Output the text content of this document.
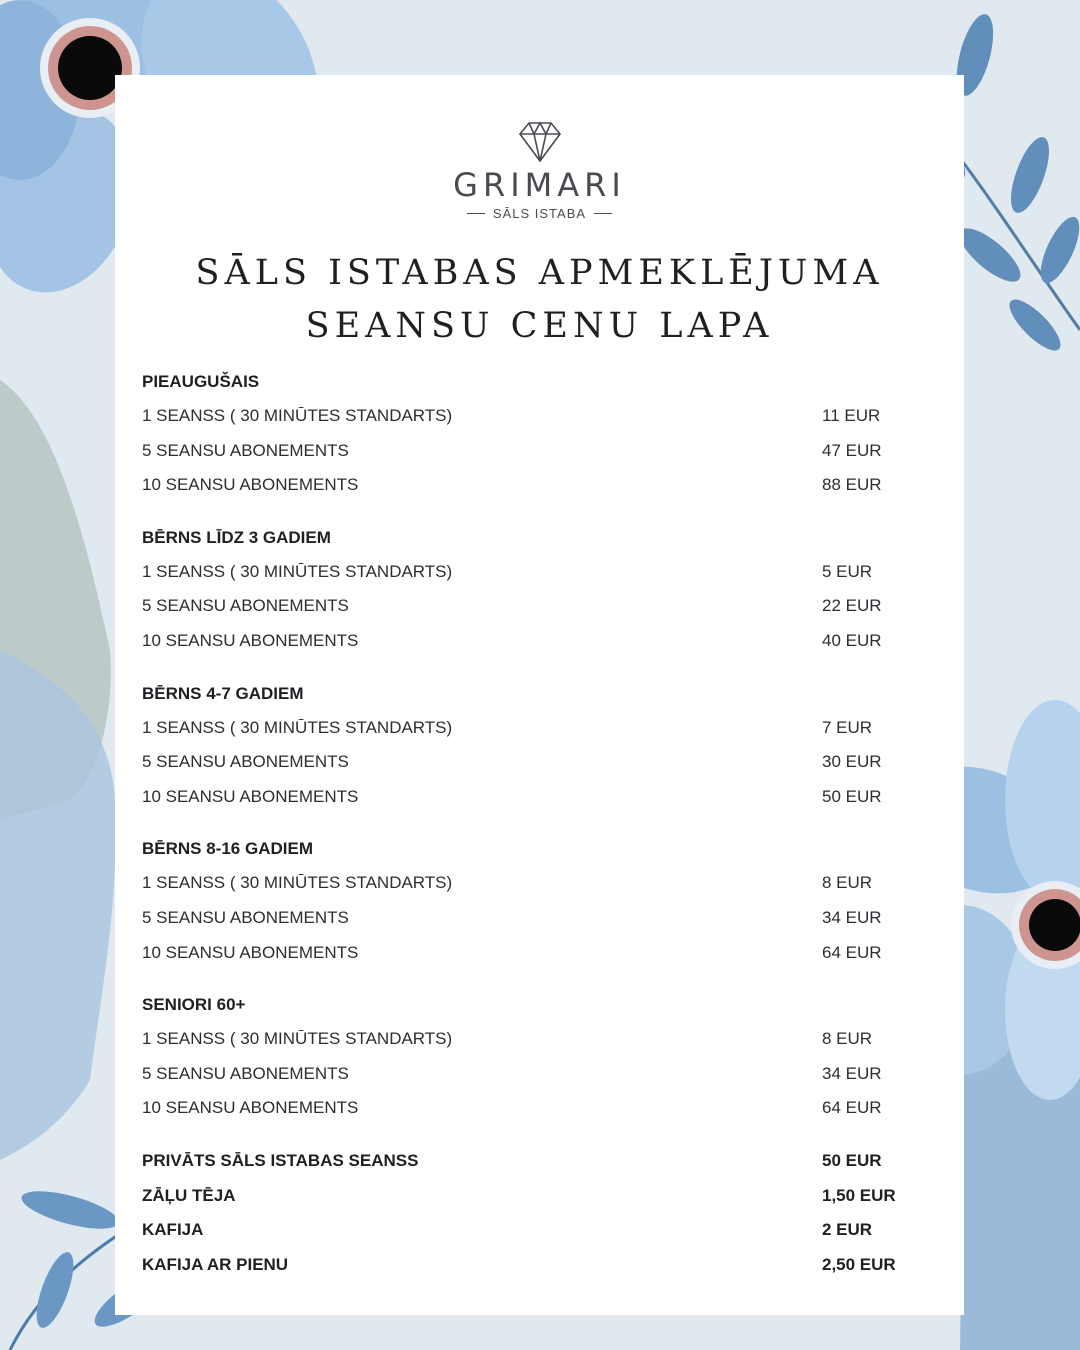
GRIMARI
SĀLS ISTABA
SĀLS ISTABAS APMEKLĒJUMA
SEANSU CENU LAPA
PIEAUGUŠAIS
1 SEANSS ( 30 MINŪTES STANDARTS)	11 EUR
5 SEANSU ABONEMENTS	47 EUR
10 SEANSU ABONEMENTS	88 EUR
BĒRNS LĪDZ 3 GADIEM
1 SEANSS ( 30 MINŪTES STANDARTS)	5 EUR
5 SEANSU ABONEMENTS	22 EUR
10 SEANSU ABONEMENTS	40 EUR
BĒRNS 4-7 GADIEM
1 SEANSS ( 30 MINŪTES STANDARTS)	7 EUR
5 SEANSU ABONEMENTS	30 EUR
10 SEANSU ABONEMENTS	50 EUR
BĒRNS 8-16 GADIEM
1 SEANSS ( 30 MINŪTES STANDARTS)	8 EUR
5 SEANSU ABONEMENTS	34 EUR
10 SEANSU ABONEMENTS	64 EUR
SENIORI 60+
1 SEANSS ( 30 MINŪTES STANDARTS)	8 EUR
5 SEANSU ABONEMENTS	34 EUR
10 SEANSU ABONEMENTS	64 EUR
PRIVĀTS SĀLS ISTABAS SEANSS	50 EUR
ZĀĻU TĒJA	1,50 EUR
KAFIJA	2 EUR
KAFIJA AR PIENU	2,50 EUR
